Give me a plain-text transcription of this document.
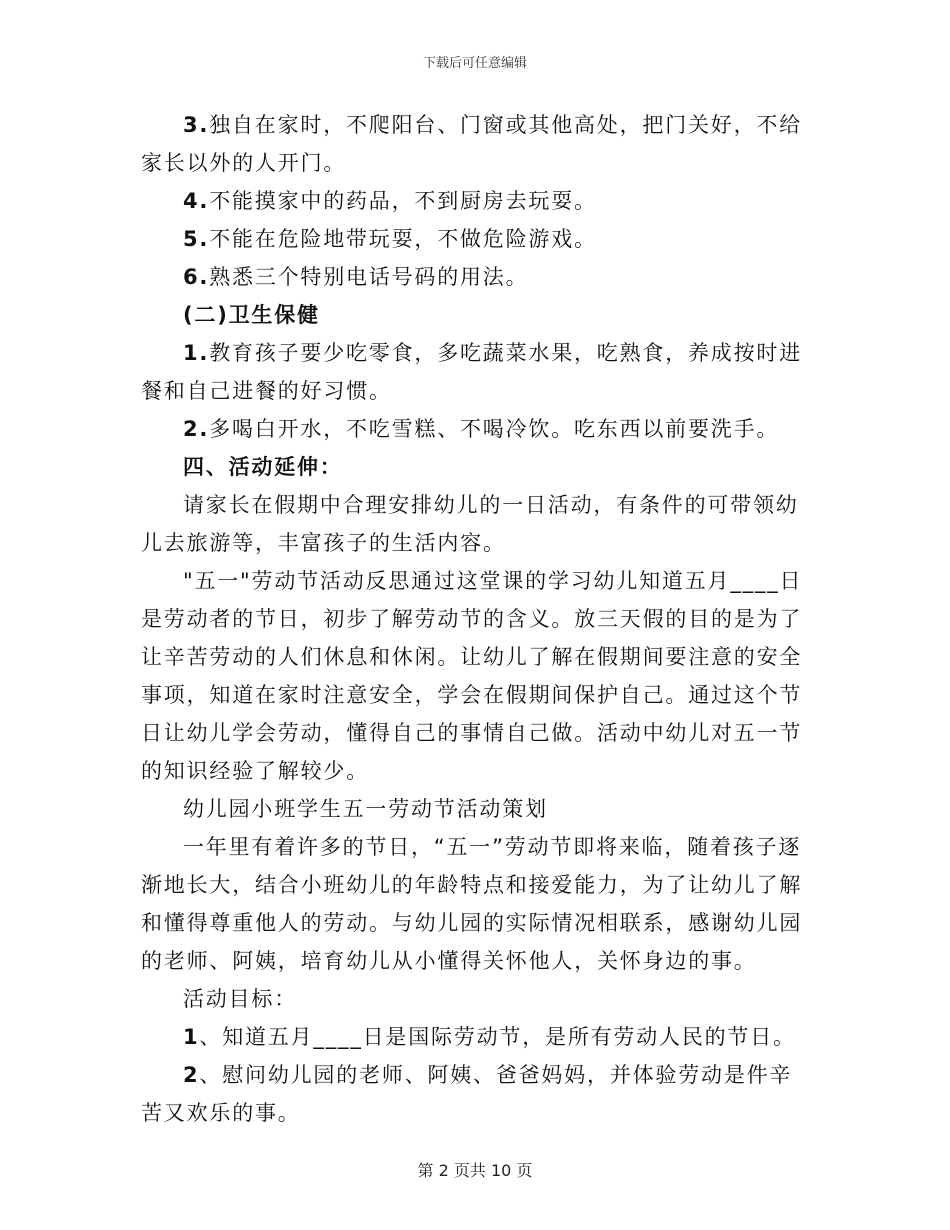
下载后可任意编辑

3.独自在家时，不爬阳台、门窗或其他高处，把门关好，不给家长以外的人开门。

4.不能摸家中的药品，不到厨房去玩耍。

5.不能在危险地带玩耍，不做危险游戏。

6.熟悉三个特别电话号码的用法。

(二)卫生保健

1.教育孩子要少吃零食，多吃蔬菜水果，吃熟食，养成按时进餐和自己进餐的好习惯。

2.多喝白开水，不吃雪糕、不喝冷饮。吃东西以前要洗手。

四、活动延伸：

请家长在假期中合理安排幼儿的一日活动，有条件的可带领幼儿去旅游等，丰富孩子的生活内容。

"五一"劳动节活动反思通过这堂课的学习幼儿知道五月____日是劳动者的节日，初步了解劳动节的含义。放三天假的目的是为了让辛苦劳动的人们休息和休闲。让幼儿了解在假期间要注意的安全事项，知道在家时注意安全，学会在假期间保护自己。通过这个节日让幼儿学会劳动，懂得自己的事情自己做。活动中幼儿对五一节的知识经验了解较少。

幼儿园小班学生五一劳动节活动策划

一年里有着许多的节日，“五一”劳动节即将来临，随着孩子逐渐地长大，结合小班幼儿的年龄特点和接爱能力，为了让幼儿了解和懂得尊重他人的劳动。与幼儿园的实际情况相联系，感谢幼儿园的老师、阿姨，培育幼儿从小懂得关怀他人，关怀身边的事。

活动目标：

1、知道五月____日是国际劳动节，是所有劳动人民的节日。

2、慰问幼儿园的老师、阿姨、爸爸妈妈，并体验劳动是件辛苦又欢乐的事。

第 2 页共 10 页
